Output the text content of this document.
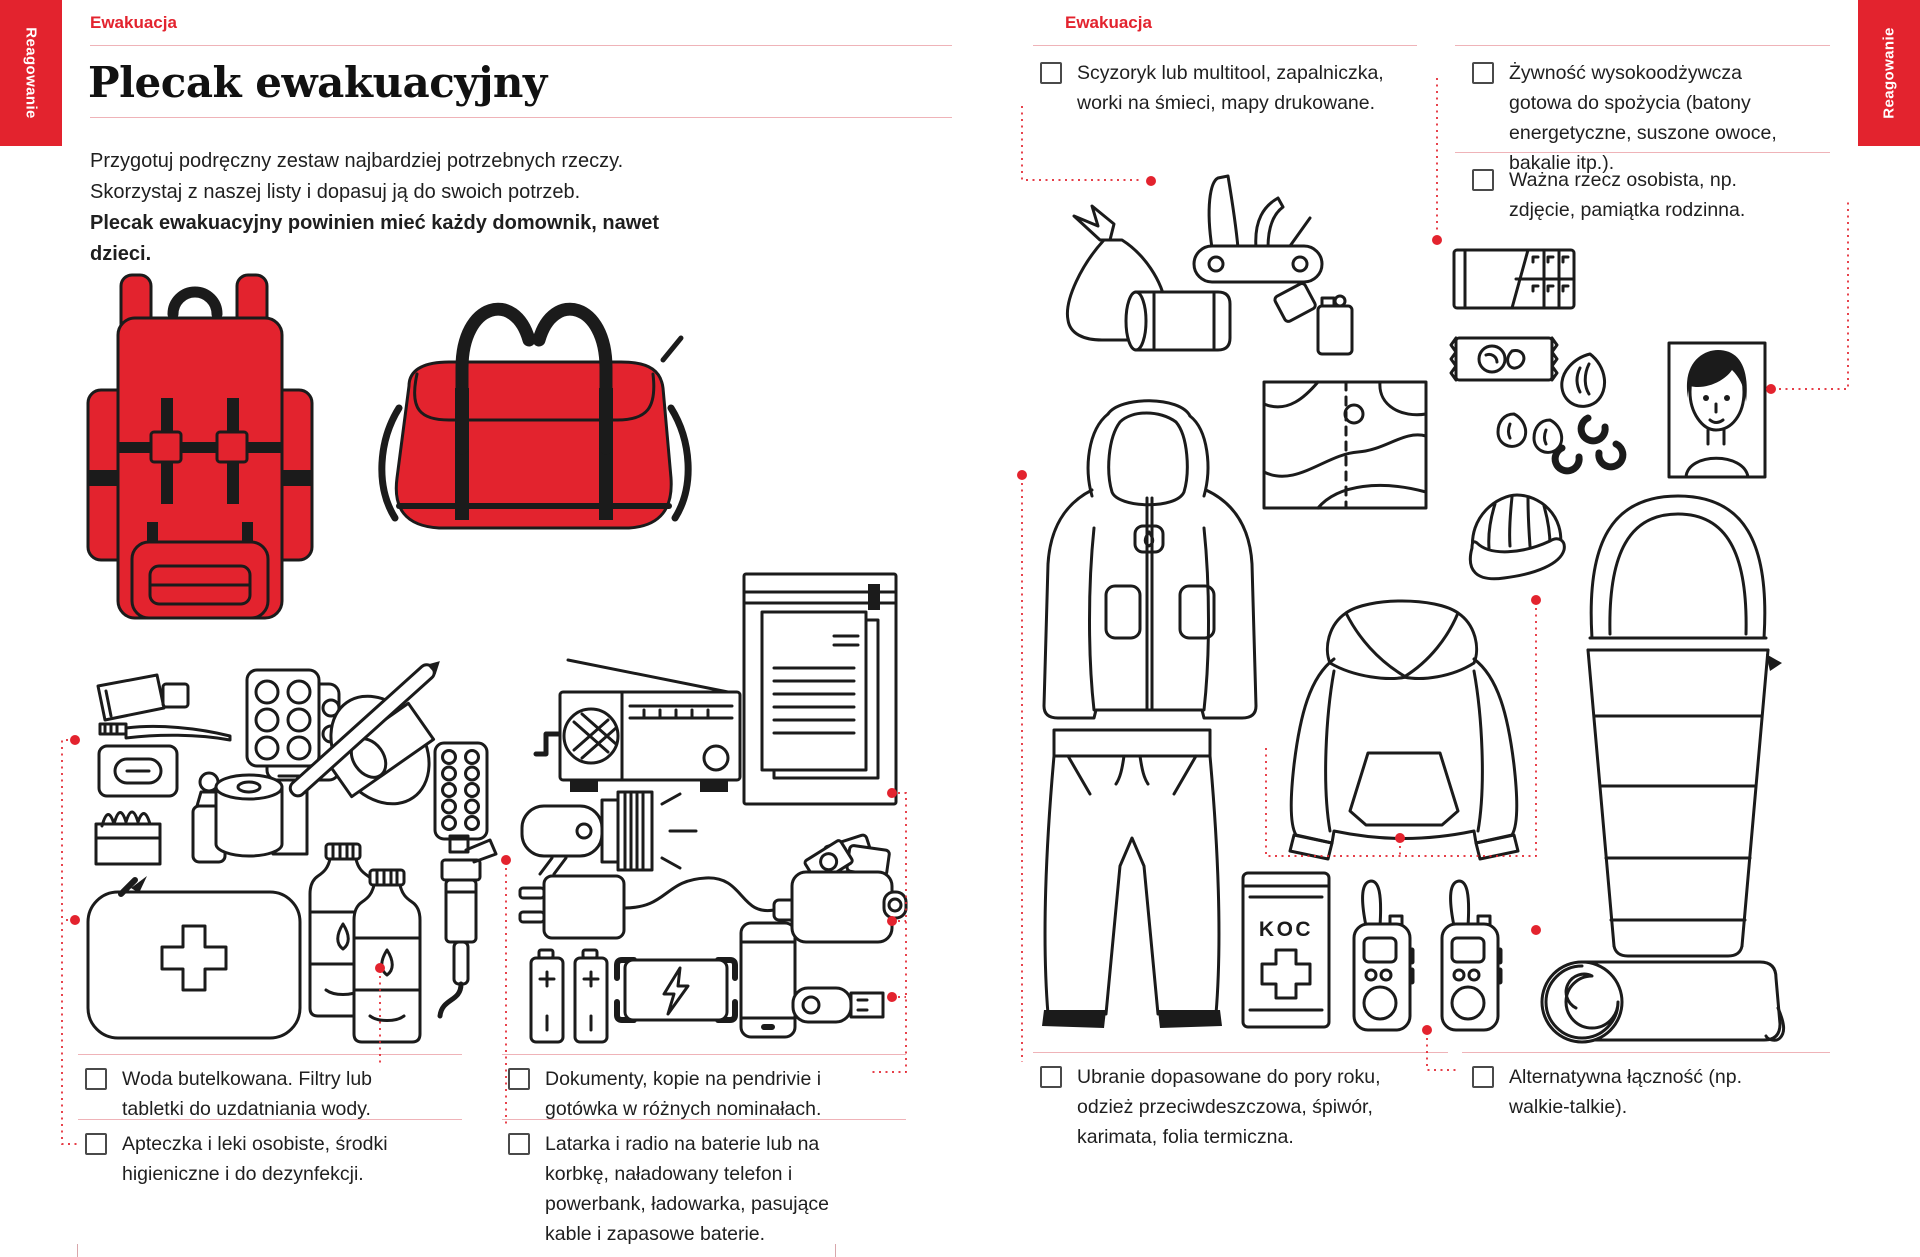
Reagowanie
Ewakuacja
Plecak ewakuacyjny
Przygotuj podręczny zestaw najbardziej potrzebnych rzeczy.
Skorzystaj z naszej listy i dopasuj ją do swoich potrzeb.
Plecak ewakuacyjny powinien mieć każdy domownik, nawet dzieci.
Woda butelkowana. Filtry lub tabletki do uzdatniania wody.
Apteczka i leki osobiste, środki higieniczne i do dezynfekcji.
Dokumenty, kopie na pendrivie i gotówka w różnych nominałach.
Latarka i radio na baterie lub na korbkę, naładowany telefon i powerbank, ładowarka, pasujące kable i zapasowe baterie.
Reagowanie
Ewakuacja
Scyzoryk lub multitool, zapalniczka, worki na śmieci, mapy drukowane.
Żywność wysokoodżywcza gotowa do spożycia (batony energetyczne, suszone owoce, bakalie itp.).
Ważna rzecz osobista, np. zdjęcie, pamiątka rodzinna.
KOC
Ubranie dopasowane do pory roku, odzież przeciwdeszczowa, śpiwór, karimata, folia termiczna.
Alternatywna łączność (np. walkie-talkie).
